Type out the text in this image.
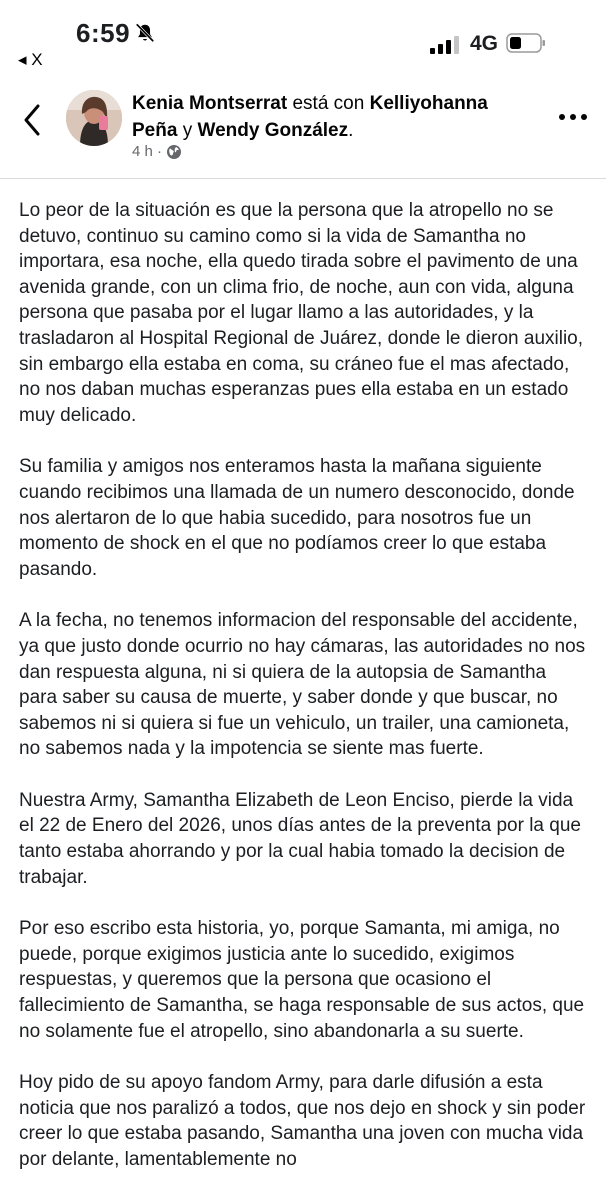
6:59
◂ X
4G
Kenia Montserrat está con Kelliyohanna Peña y Wendy González.
4 h ·

Lo peor de la situación es que la persona que la atropello no se detuvo, continuo su camino como si la vida de Samantha no importara, esa noche, ella quedo tirada sobre el pavimento de una avenida grande, con un clima frio, de noche, aun con vida, alguna persona que pasaba por el lugar llamo a las autoridades, y la trasladaron al Hospital Regional de Juárez, donde le dieron auxilio, sin embargo ella estaba en coma, su cráneo fue el mas afectado, no nos daban muchas esperanzas pues ella estaba en un estado muy delicado.

Su familia y amigos nos enteramos hasta la mañana siguiente cuando recibimos una llamada de un numero desconocido, donde nos alertaron de lo que habia sucedido, para nosotros fue un momento de shock en el que no podíamos creer lo que estaba pasando.

A la fecha, no tenemos informacion del responsable del accidente, ya que justo donde ocurrio no hay cámaras, las autoridades no nos dan respuesta alguna, ni si quiera de la autopsia de Samantha para saber su causa de muerte, y saber donde y que buscar, no sabemos ni si quiera si fue un vehiculo, un trailer, una camioneta, no sabemos nada y la impotencia se siente mas fuerte.

Nuestra Army, Samantha Elizabeth de Leon Enciso, pierde la vida el 22 de Enero del 2026, unos días antes de la preventa por la que tanto estaba ahorrando y por la cual habia tomado la decision de trabajar.

Por eso escribo esta historia, yo, porque Samanta, mi amiga, no puede, porque exigimos justicia ante lo sucedido, exigimos respuestas, y queremos que la persona que ocasiono el fallecimiento de Samantha, se haga responsable de sus actos, que no solamente fue el atropello, sino abandonarla a su suerte.

Hoy pido de su apoyo fandom Army, para darle difusión a esta noticia que nos paralizó a todos, que nos dejo en shock y sin poder creer lo que estaba pasando, Samantha una joven con mucha vida por delante, lamentablemente no
